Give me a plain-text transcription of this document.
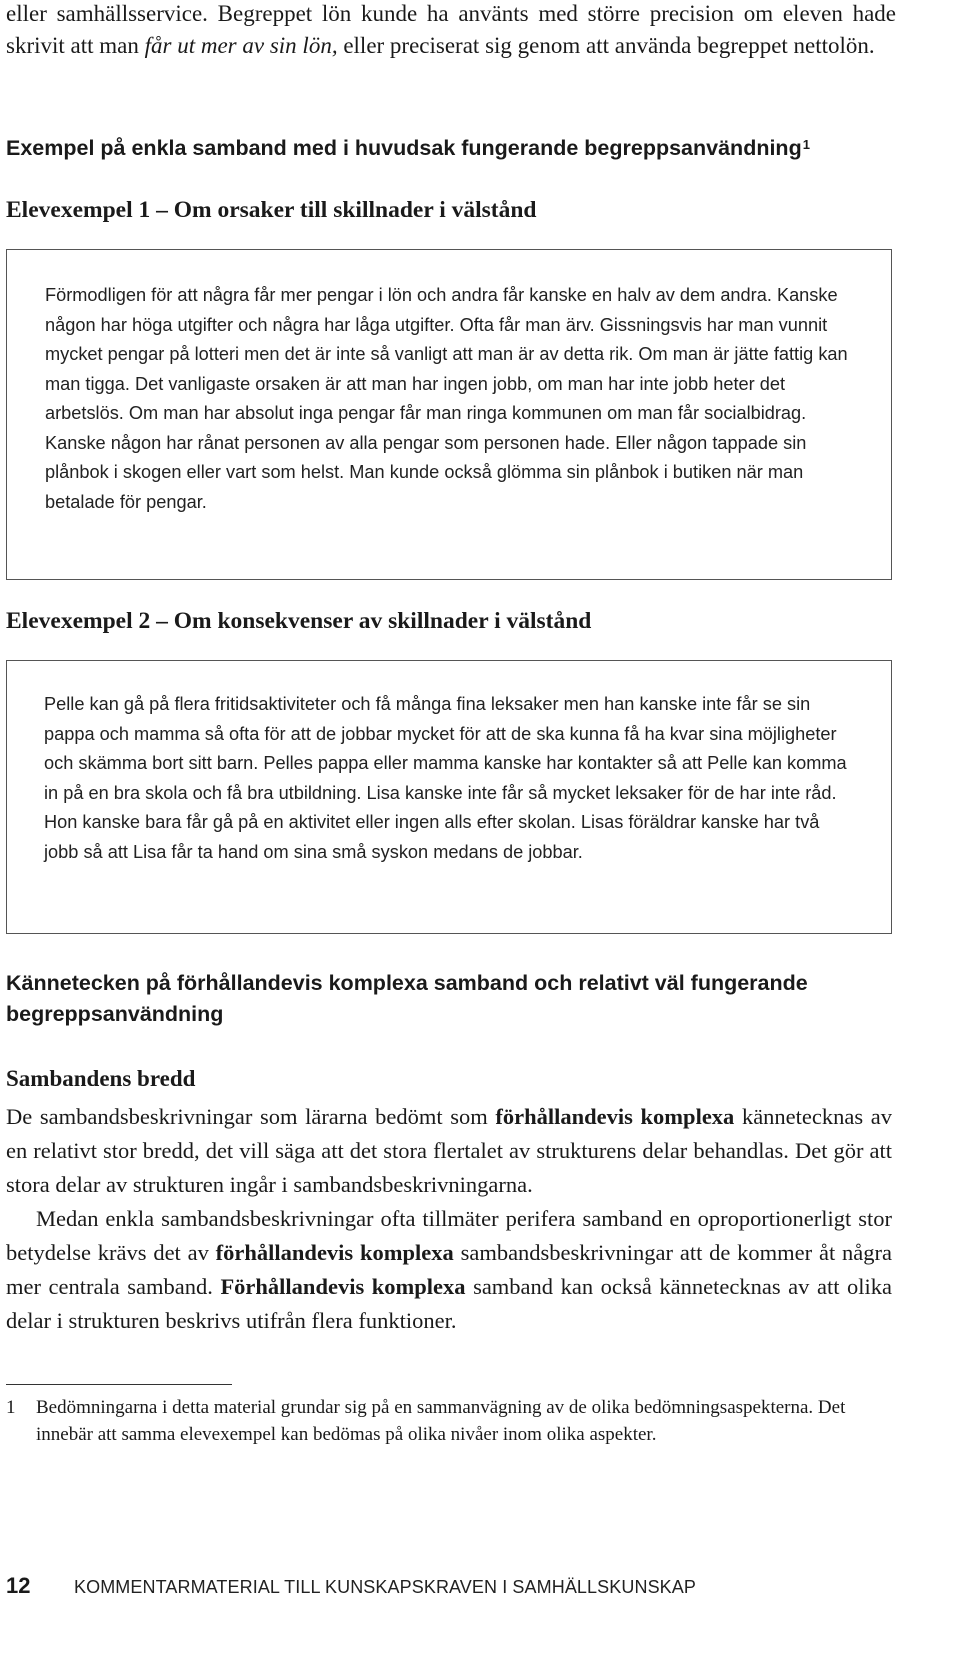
eller samhällsservice. Begreppet lön kunde ha använts med större precision om eleven hade skrivit att man får ut mer av sin lön, eller preciserat sig genom att använda begreppet nettolön.

Exempel på enkla samband med i huvudsak fungerande begreppsanvändning$^1$
Elevexempel 1 – Om orsaker till skillnader i välstånd

Förmodligen för att några får mer pengar i lön och andra får kanske en halv av dem andra. Kanske någon har höga utgifter och några har låga utgifter. Ofta får man ärv. Gissningsvis har man vunnit mycket pengar på lotteri men det är inte så vanligt att man är av detta rik. Om man är jätte fattig kan man tigga. Det vanligaste orsaken är att man har ingen jobb, om man har inte jobb heter det arbetslös. Om man har absolut inga pengar får man ringa kommunen om man får socialbidrag. Kanske någon har rånat personen av alla pengar som personen hade. Eller någon tappade sin plånbok i skogen eller vart som helst. Man kunde också glömma sin plånbok i butiken när man betalade för pengar.

Elevexempel 2 – Om konsekvenser av skillnader i välstånd

Pelle kan gå på flera fritidsaktiviteter och få många fina leksaker men han kanske inte får se sin pappa och mamma så ofta för att de jobbar mycket för att de ska kunna få ha kvar sina möjligheter och skämma bort sitt barn. Pelles pappa eller mamma kanske har kontakter så att Pelle kan komma in på en bra skola och få bra utbildning. Lisa kanske inte får så mycket leksaker för de har inte råd. Hon kanske bara får gå på en aktivitet eller ingen alls efter skolan. Lisas föräldrar kanske har två jobb så att Lisa får ta hand om sina små syskon medans de jobbar.

Kännetecken på förhållandevis komplexa samband och relativt väl fungerande begreppsanvändning
Sambandens bredd

De sambandsbeskrivningar som lärarna bedömt som förhållandevis komplexa kännetecknas av en relativt stor bredd, det vill säga att det stora flertalet av strukturens delar behandlas. Det gör att stora delar av strukturen ingår i sambandsbeskrivningarna.

Medan enkla sambandsbeskrivningar ofta tillmäter perifera samband en oproportionerligt stor betydelse krävs det av förhållandevis komplexa sambandsbeskrivningar att de kommer åt några mer centrala samband. Förhållandevis komplexa samband kan också kännetecknas av att olika delar i strukturen beskrivs utifrån flera funktioner.

1	Bedömningarna i detta material grundar sig på en sammanvägning av de olika bedömningsaspekterna. Det innebär att samma elevexempel kan bedömas på olika nivåer inom olika aspekter.
12	KOMMENTARMATERIAL TILL KUNSKAPSKRAVEN I SAMHÄLLSKUNSKAP
